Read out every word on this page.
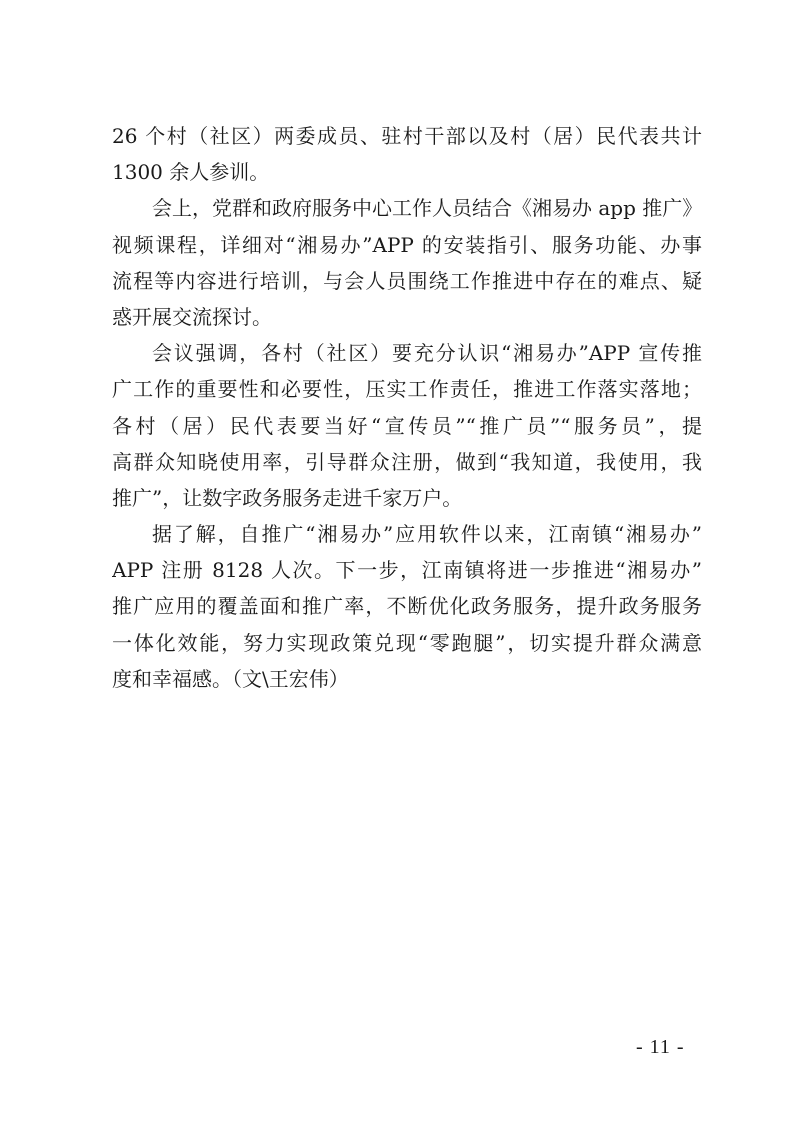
26 个村（社区）两委成员、驻村干部以及村（居）民代表共计
1300 余人参训。
会上，党群和政府服务中心工作人员结合《湘易办 app 推广》
视频课程，详细对“湘易办”APP 的安装指引、服务功能、办事
流程等内容进行培训，与会人员围绕工作推进中存在的难点、疑
惑开展交流探讨。
会议强调，各村（社区）要充分认识“湘易办”APP 宣传推
广工作的重要性和必要性，压实工作责任，推进工作落实落地；
各村（居）民代表要当好“宣传员”“推广员”“服务员”，提
高群众知晓使用率，引导群众注册，做到“我知道，我使用，我
推广”，让数字政务服务走进千家万户。
据了解，自推广“湘易办”应用软件以来，江南镇“湘易办”
APP 注册 8128 人次。下一步，江南镇将进一步推进“湘易办”
推广应用的覆盖面和推广率，不断优化政务服务，提升政务服务
一体化效能，努力实现政策兑现“零跑腿”，切实提升群众满意
度和幸福感。（文\王宏伟）
- 11 -
